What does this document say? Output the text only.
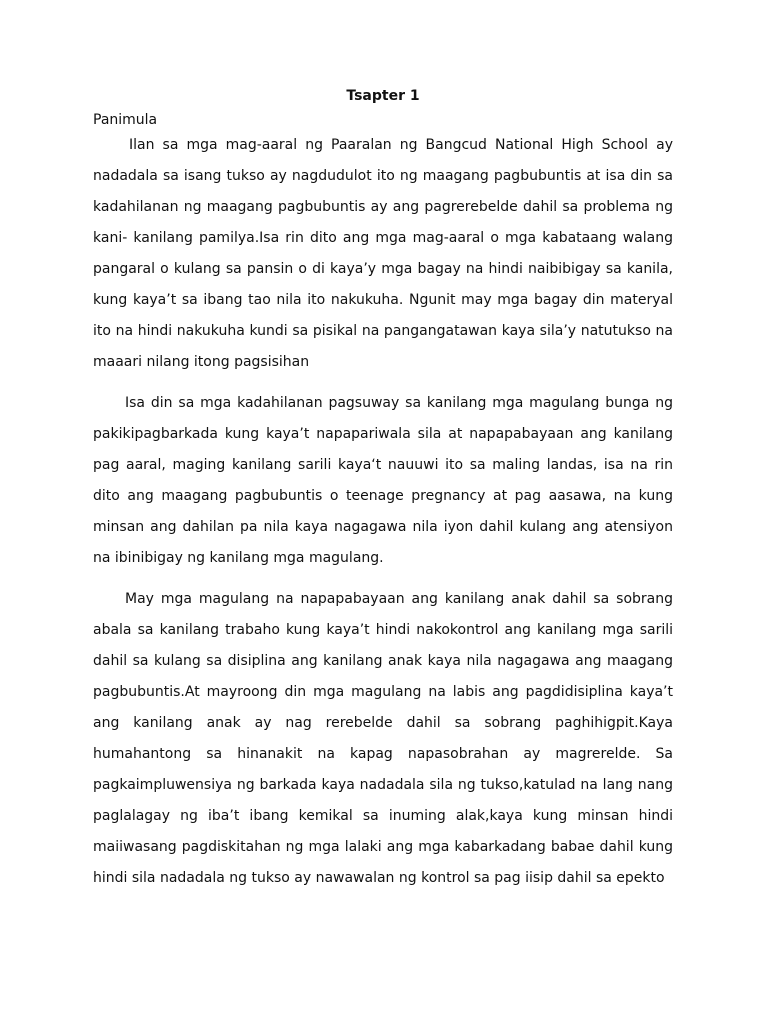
Tsapter 1

Panimula

Ilan sa mga mag-aaral ng Paaralan ng Bangcud National High School ay nadadala sa isang tukso ay nagdudulot ito ng maagang pagbubuntis at isa din sa kadahilanan ng maagang pagbubuntis ay ang pagrerebelde dahil sa problema ng kani- kanilang pamilya.Isa rin dito ang mga mag-aaral o mga kabataang walang pangaral o kulang sa pansin o di kaya’y mga bagay na hindi naibibigay sa kanila, kung kaya’t sa ibang tao nila ito nakukuha. Ngunit may mga bagay din materyal ito na hindi nakukuha kundi sa pisikal na pangangatawan kaya sila’y natutukso na maaari nilang itong pagsisihan

Isa din sa mga kadahilanan pagsuway sa kanilang mga magulang bunga ng pakikipagbarkada kung kaya’t napapariwala sila at napapabayaan ang kanilang pag aaral, maging kanilang sarili kaya‘t nauuwi ito sa maling landas, isa na rin dito ang maagang pagbubuntis o teenage pregnancy at pag aasawa, na kung minsan ang dahilan pa nila kaya nagagawa nila iyon dahil kulang ang atensiyon na ibinibigay ng kanilang mga magulang.

May mga magulang na napapabayaan ang kanilang anak dahil sa sobrang abala sa kanilang trabaho kung kaya’t hindi nakokontrol ang kanilang mga sarili dahil sa kulang sa disiplina ang kanilang anak kaya nila nagagawa ang maagang pagbubuntis.At mayroong din mga magulang na labis ang pagdidisiplina kaya’t ang kanilang anak ay nag rerebelde dahil sa sobrang paghihigpit.Kaya humahantong sa hinanakit na kapag napasobrahan ay magrerelde. Sa pagkaimpluwensiya ng barkada kaya nadadala sila ng tukso,katulad na lang nang paglalagay ng iba’t ibang kemikal sa inuming alak,kaya kung minsan hindi maiiwasang pagdiskitahan ng mga lalaki ang mga kabarkadang babae dahil kung hindi sila nadadala ng tukso ay nawawalan ng kontrol sa pag iisip dahil sa epekto
